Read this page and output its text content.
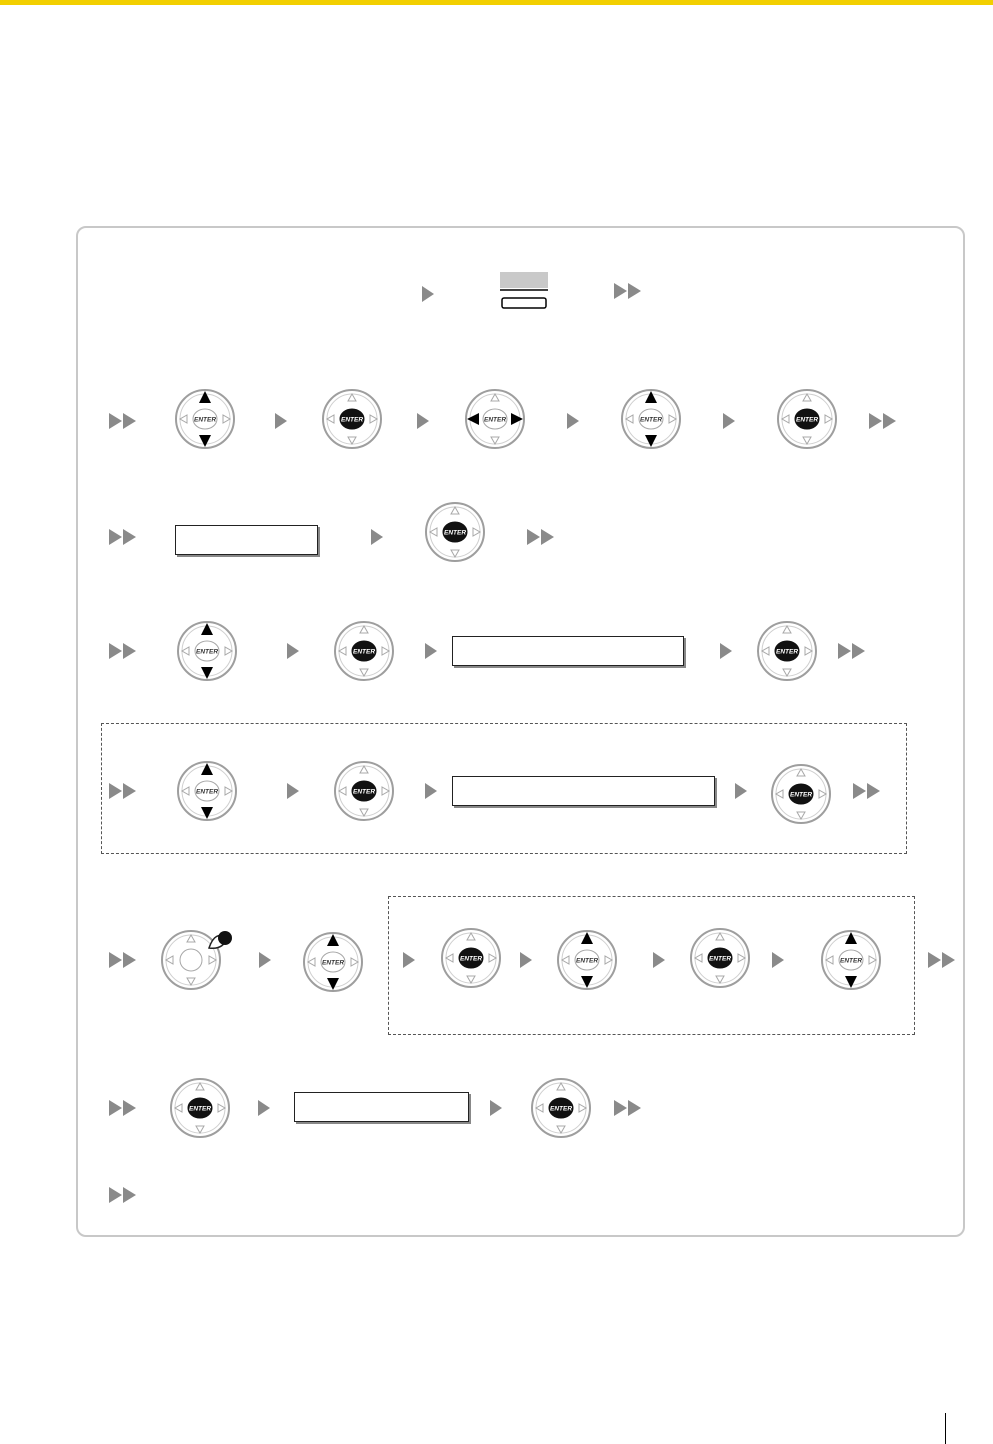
ENTER	ENTER	ENTER	ENTER	ENTER
ENTER
ENTER	ENTER	ENTER
ENTER	ENTER	ENTER
ENTER
ENTER	ENTER	ENTER	ENTER
ENTER	ENTER
